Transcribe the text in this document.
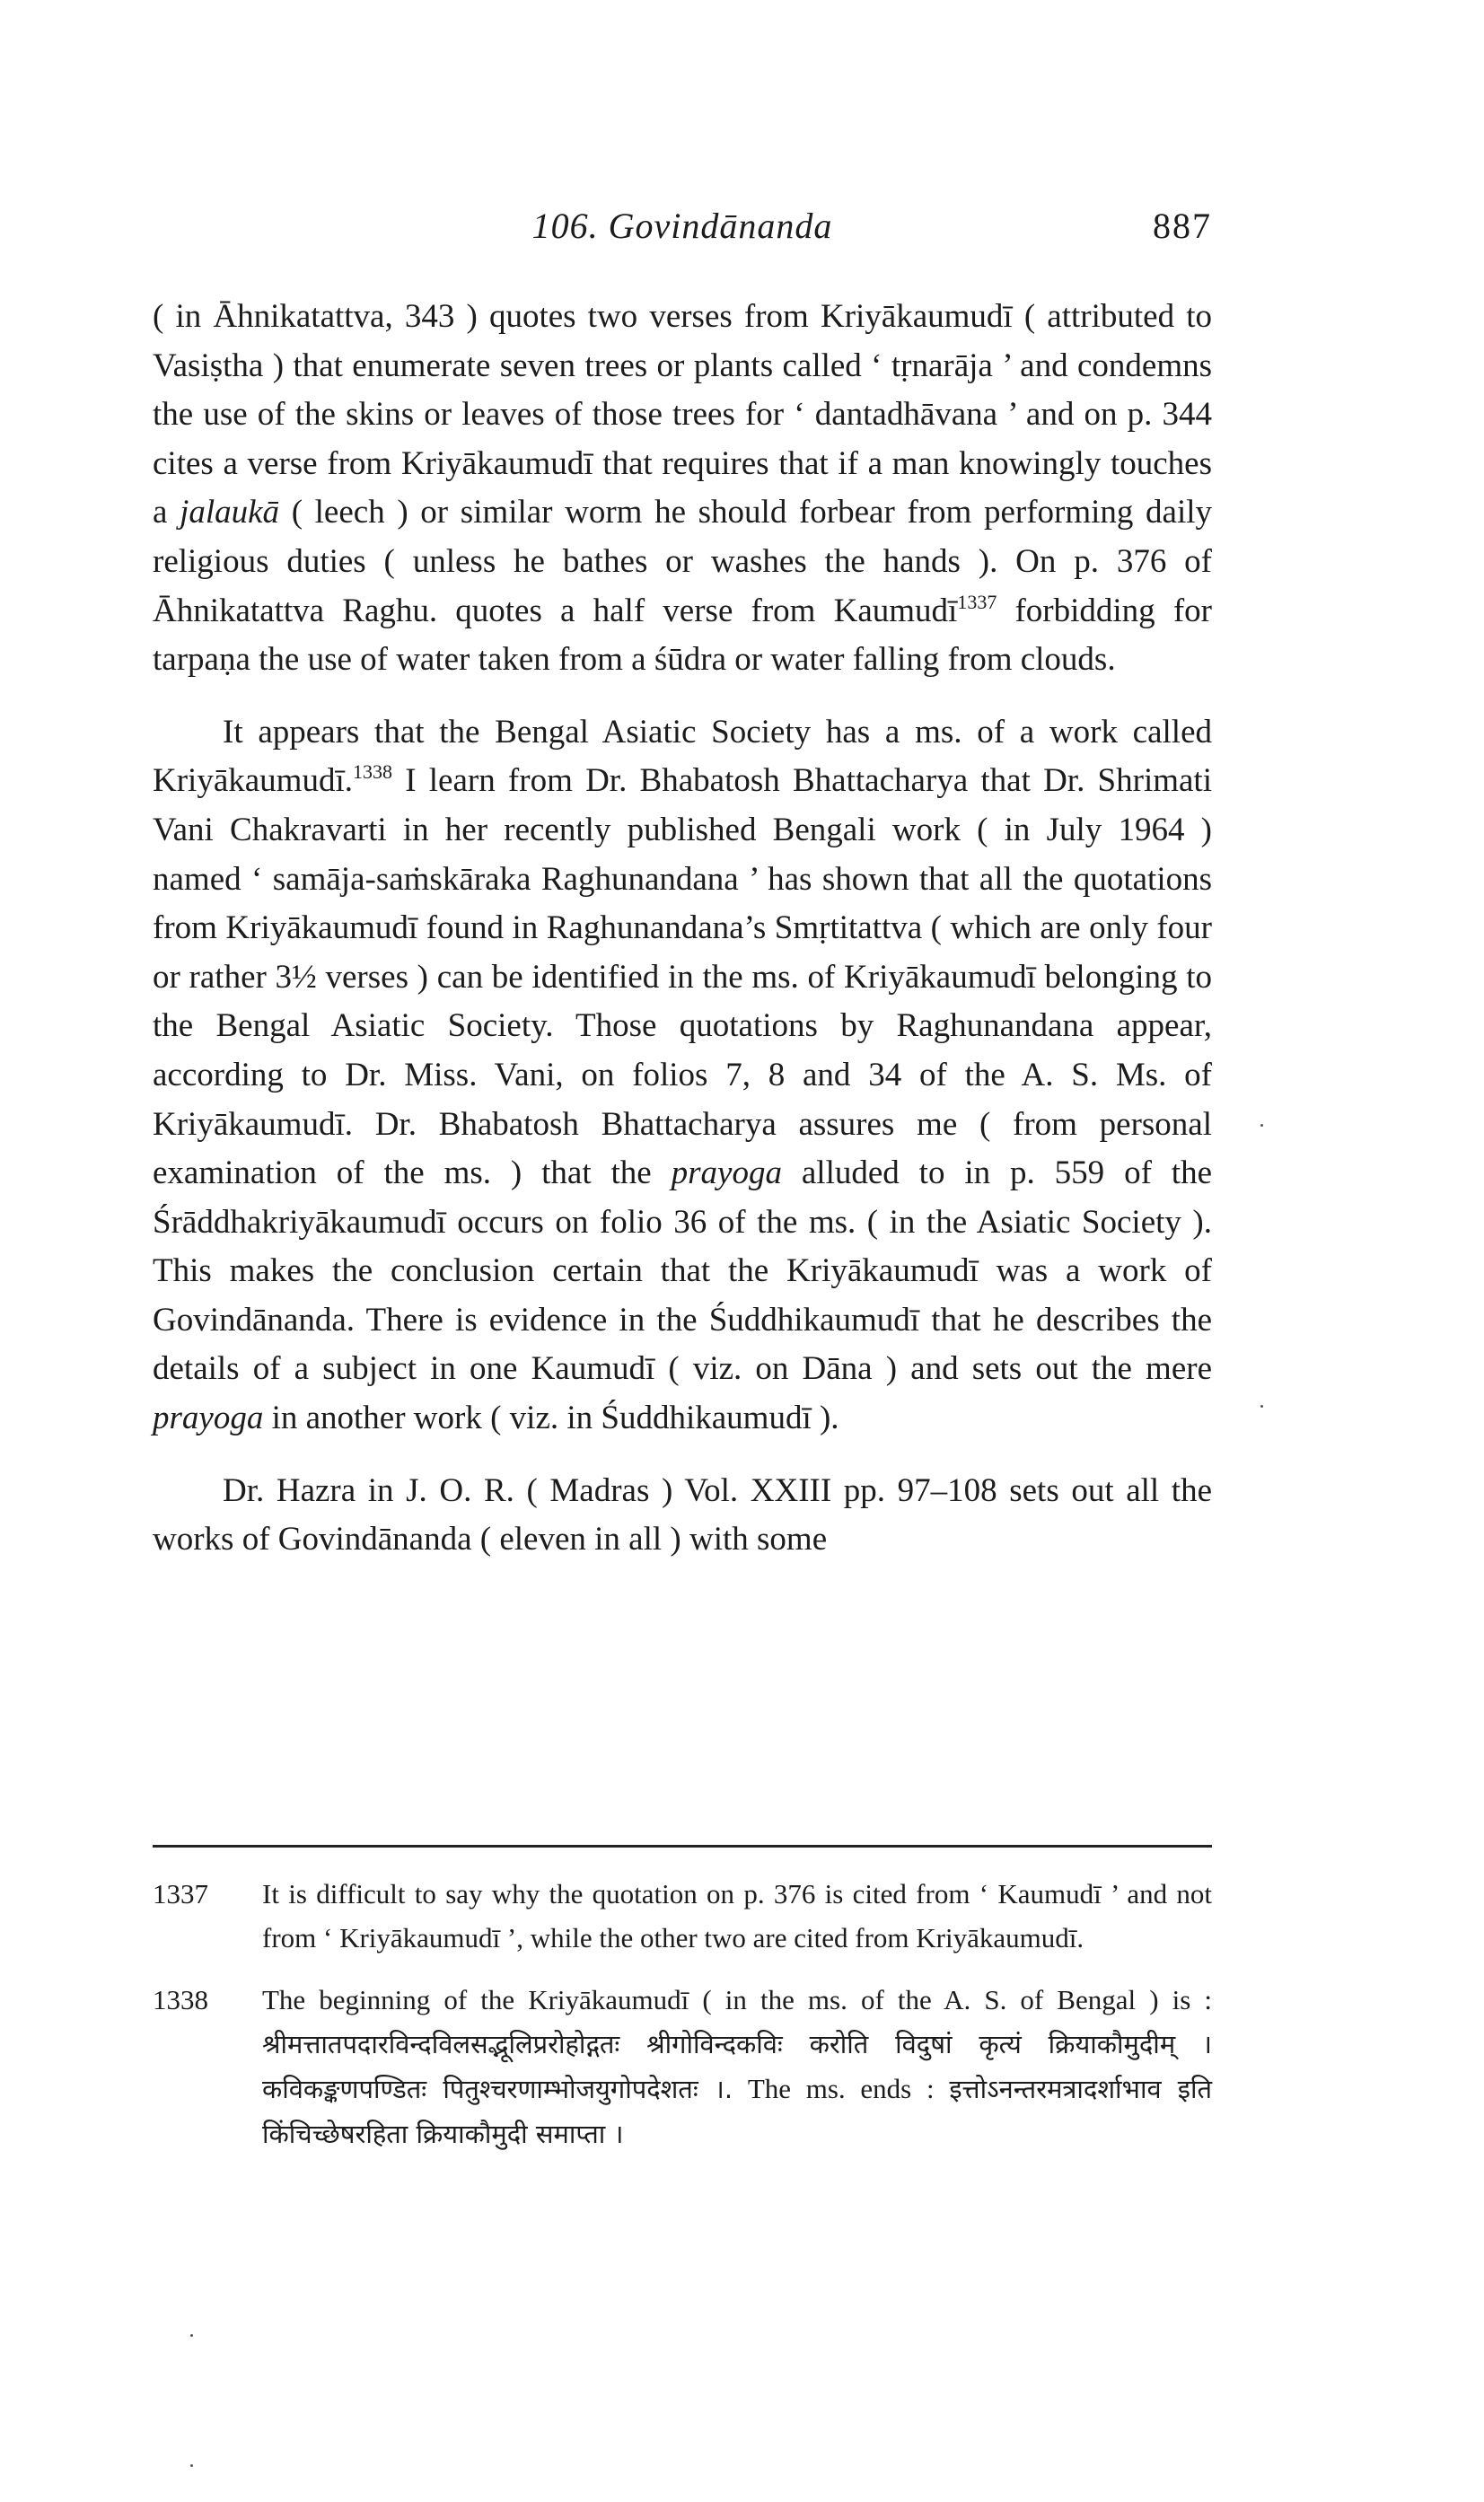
106. Govindānanda	887

( in Āhnikatattva, 343 ) quotes two verses from Kriyākaumudī ( attributed to Vasiṣtha ) that enumerate seven trees or plants called ‘ tṛnarāja ’ and condemns the use of the skins or leaves of those trees for ‘ dantadhāvana ’ and on p. 344 cites a verse from Kriyākaumudī that requires that if a man knowingly touches a jalaukā ( leech ) or similar worm he should forbear from performing daily religious duties ( unless he bathes or washes the hands ). On p. 376 of Āhnikatattva Raghu. quotes a half verse from Kaumudī$^{1337}$ forbidding for tarpaṇa the use of water taken from a śūdra or water falling from clouds.

It appears that the Bengal Asiatic Society has a ms. of a work called Kriyākaumudī.$^{1338}$ I learn from Dr. Bhabatosh Bhattacharya that Dr. Shrimati Vani Chakravarti in her recently published Bengali work ( in July 1964 ) named ‘ samāja-saṁskāraka Raghunandana ’ has shown that all the quotations from Kriyākaumudī found in Raghunandana’s Smṛtitattva ( which are only four or rather 3½ verses ) can be identified in the ms. of Kriyākaumudī belonging to the Bengal Asiatic Society. Those quotations by Raghunandana appear, according to Dr. Miss. Vani, on folios 7, 8 and 34 of the A. S. Ms. of Kriyākaumudī. Dr. Bhabatosh Bhattacharya assures me ( from personal examination of the ms. ) that the prayoga alluded to in p. 559 of the Śrāddhakriyākaumudī occurs on folio 36 of the ms. ( in the Asiatic Society ). This makes the conclusion certain that the Kriyākaumudī was a work of Govindānanda. There is evidence in the Śuddhikaumudī that he describes the details of a subject in one Kaumudī ( viz. on Dāna ) and sets out the mere prayoga in another work ( viz. in Śuddhikaumudī ).

Dr. Hazra in J. O. R. ( Madras ) Vol. XXIII pp. 97–108 sets out all the works of Govindānanda ( eleven in all ) with some

1337	It is difficult to say why the quotation on p. 376 is cited from ‘ Kaumudī ’ and not from ‘ Kriyākaumudī ’, while the other two are cited from Kriyākaumudī.
1338	The beginning of the Kriyākaumudī ( in the ms. of the A. S. of Bengal ) is : श्रीमत्तातपदारविन्दविलसद्भूलिप्ररोहोद्गतः श्रीगोविन्दकविः करोति विदुषां कृत्यं क्रियाकौमुदीम् । कविकङ्कणपण्डितः पितुश्चरणाम्भोजयुगोपदेशतः ।. The ms. ends : इत्तोऽनन्तरमत्रादर्शाभाव इति किंचिच्छेषरहिता क्रियाकौमुदी समाप्ता ।
